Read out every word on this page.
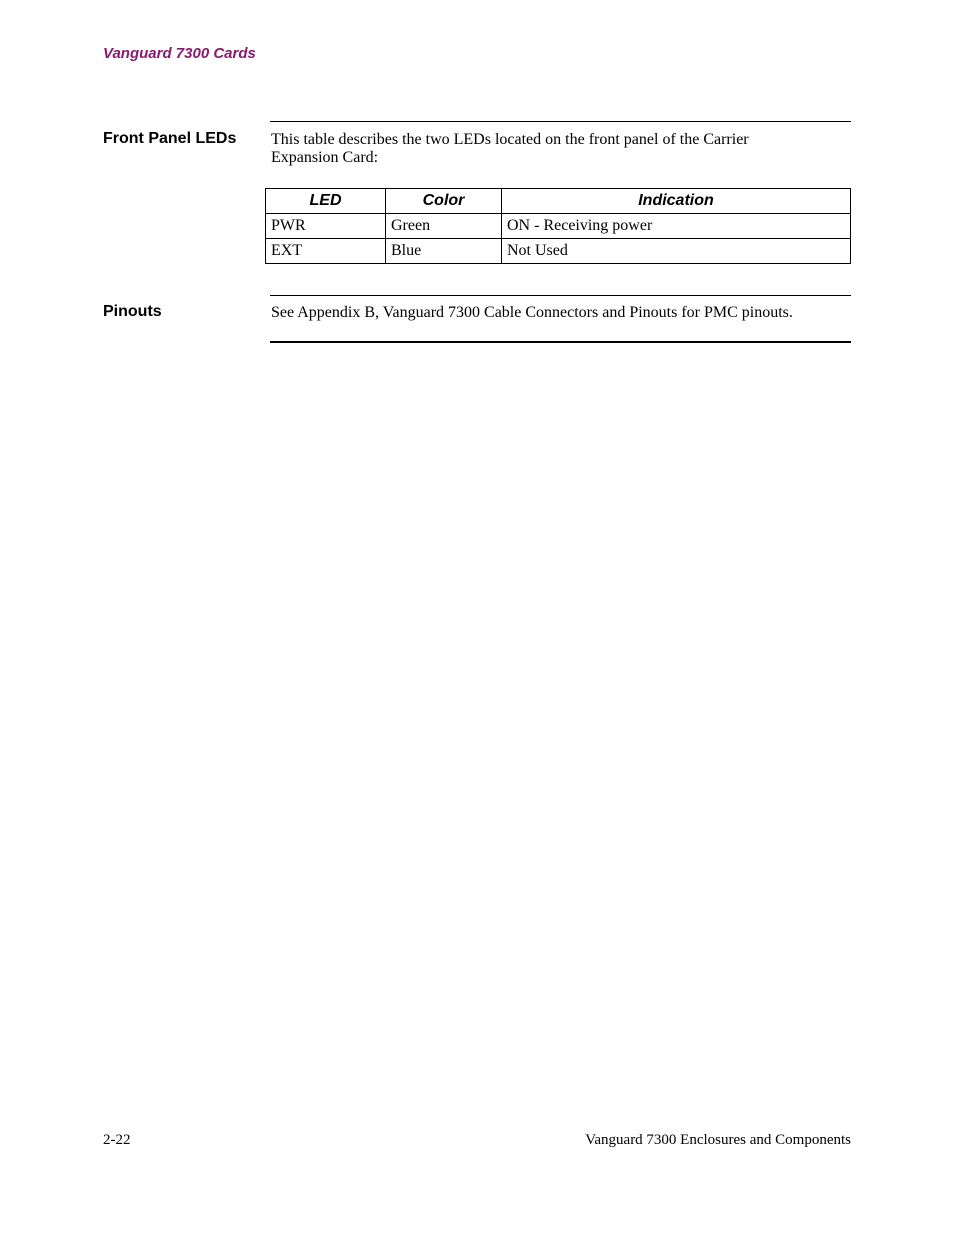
Vanguard 7300 Cards
Front Panel LEDs This table describes the two LEDs located on the front panel of the Carrier
Expansion Card:
LED	Color	Indication
PWR	Green	ON - Receiving power
EXT	Blue	Not Used
Pinouts	See Appendix B, Vanguard 7300 Cable Connectors and Pinouts for PMC pinouts.
2-22	Vanguard 7300 Enclosures and Components
